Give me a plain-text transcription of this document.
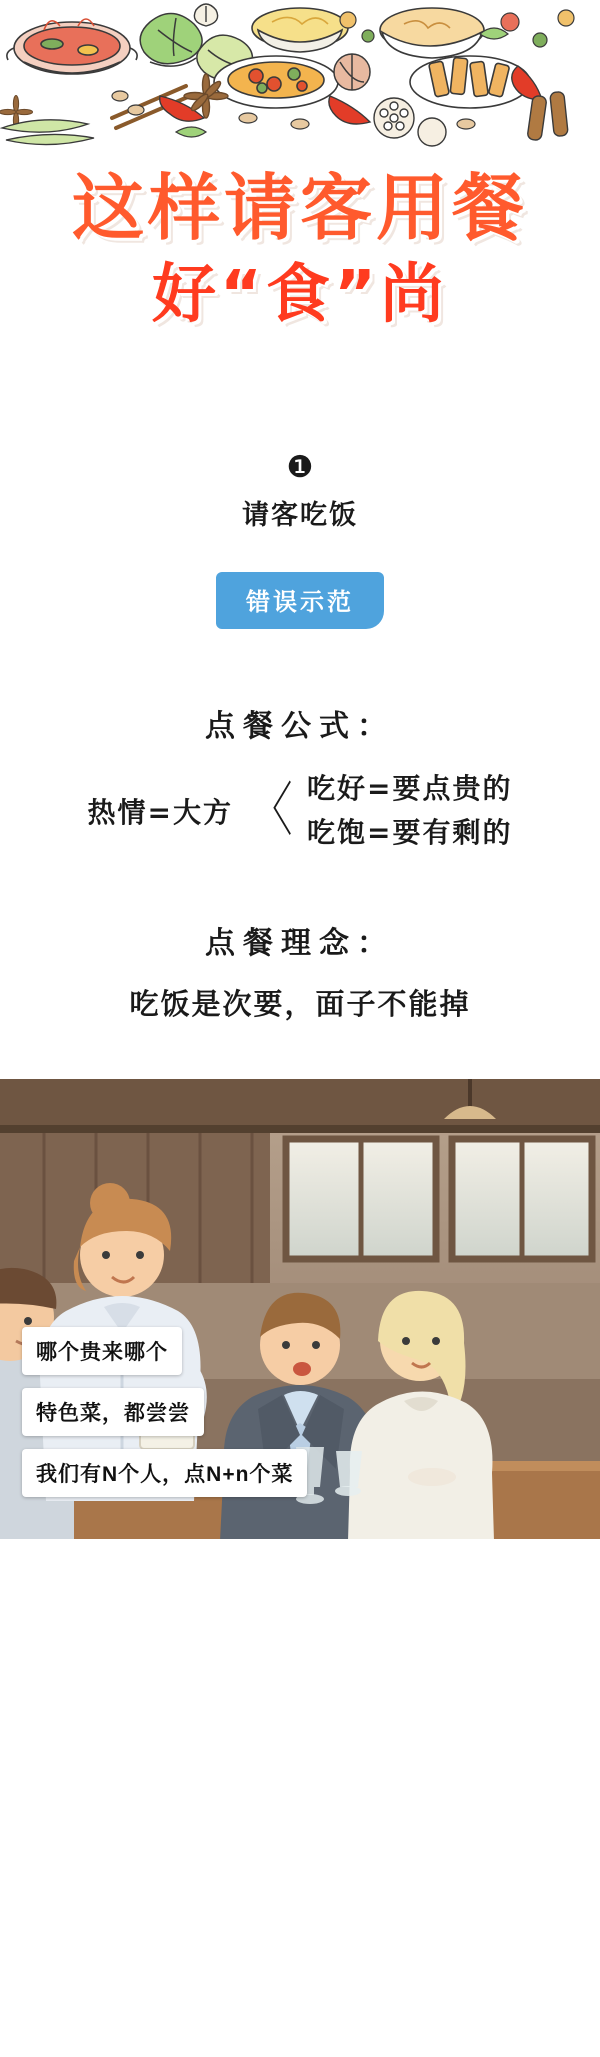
这样请客用餐
好“食”尚
❶
请客吃饭
错误示范
点餐公式：
热情=大方 〈 吃好=要点贵的
吃饱=要有剩的
点餐理念：
吃饭是次要，面子不能掉
哪个贵来哪个
特色菜，都尝尝
我们有N个人，点N+n个菜
